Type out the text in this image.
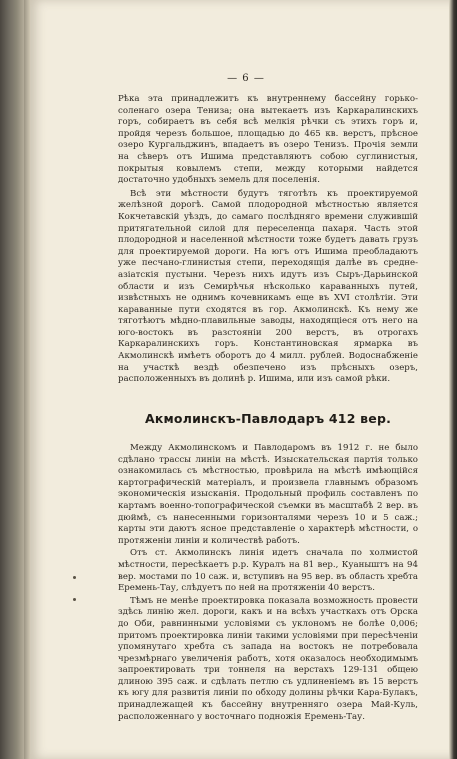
— 6 —

Рѣка эта принадлежитъ къ внутреннему бассейну горько-соленаго озера Тениза; она вытекаетъ изъ Каркаралинскихъ горъ, собираетъ въ себя всѣ мелкія рѣчки съ этихъ горъ и, пройдя черезъ большое, площадью до 465 кв. верстъ, прѣсное озеро Кургальджинъ, впадаетъ въ озеро Тенизъ. Прочія земли на сѣверъ отъ Ишима представляютъ собою суглинистыя, покрытыя ковылемъ степи, между которыми найдется достаточно удобныхъ земель для поселенія.

Всѣ эти мѣстности будутъ тяготѣть къ проектируемой желѣзной дорогѣ. Самой плодородной мѣстностью является Кокчетавскій уѣздъ, до самаго послѣдняго времени служившій притягательной силой для переселенца пахаря. Часть этой плодородной и населенной мѣстности тоже будетъ давать грузъ для проектируемой дороги. На югъ отъ Ишима преобладаютъ уже песчано-глинистыя степи, переходящія далѣе въ средне-азіатскія пустыни. Черезъ нихъ идутъ изъ Сыръ-Дарьинской области и изъ Семирѣчья нѣсколько караванныхъ путей, извѣстныхъ не однимъ кочевникамъ еще въ XVI столѣтіи. Эти караванные пути сходятся въ гор. Акмолинскѣ. Къ нему же тяготѣютъ мѣдно-плавильные заводы, находящіеся отъ него на юго-востокъ въ разстояніи 200 верстъ, въ отрогахъ Каркаралинскихъ горъ. Константиновская ярмарка въ Акмолинскѣ имѣетъ оборотъ до 4 милл. рублей. Водоснабженіе на участкѣ вездѣ обезпечено изъ прѣсныхъ озеръ, расположенныхъ въ долинѣ р. Ишима, или изъ самой рѣки.

Акмолинскъ-Павлодаръ 412 вер.

Между Акмолинскомъ и Павлодаромъ въ 1912 г. не было сдѣлано трассы линіи на мѣстѣ. Изыскательская партія только ознакомилась съ мѣстностью, провѣрила на мѣстѣ имѣющійся картографическій матеріалъ, и произвела главнымъ образомъ экономическія изысканія. Продольный профиль составленъ по картамъ военно-топографической съемки въ масштабѣ 2 вер. въ дюймѣ, съ нанесенными горизонталями черезъ 10 и 5 саж.; карты эти даютъ ясное представленіе о характерѣ мѣстности, о протяженіи линіи и количествѣ работъ.

Отъ ст. Акмолинскъ линія идетъ сначала по холмистой мѣстности, пересѣкаетъ р.р. Куралъ на 81 вер., Куаныштъ на 94 вер. мостами по 10 саж. и, вступивъ на 95 вер. въ область хребта Еремень-Тау, слѣдуетъ по ней на протяженіи 40 верстъ.

Тѣмъ не менѣе проектировка показала возможность провести здѣсь линію жел. дороги, какъ и на всѣхъ участкахъ отъ Орска до Оби, равнинными условіями съ уклономъ не болѣе 0,006; притомъ проектировка линіи такими условіями при пересѣченіи упомянутаго хребта съ запада на востокъ не потребовала чрезмѣрнаго увеличенія работъ, хотя оказалось необходимымъ запроектировать три тоннеля на верстахъ 129-131 общею длиною 395 саж. и сдѣлать петлю съ удлиненіемъ въ 15 верстъ къ югу для развитія линіи по обходу долины рѣчки Кара-Булакъ, принадлежащей къ бассейну внутренняго озера Май-Куль, расположеннаго у восточнаго подножія Еремень-Тау.
